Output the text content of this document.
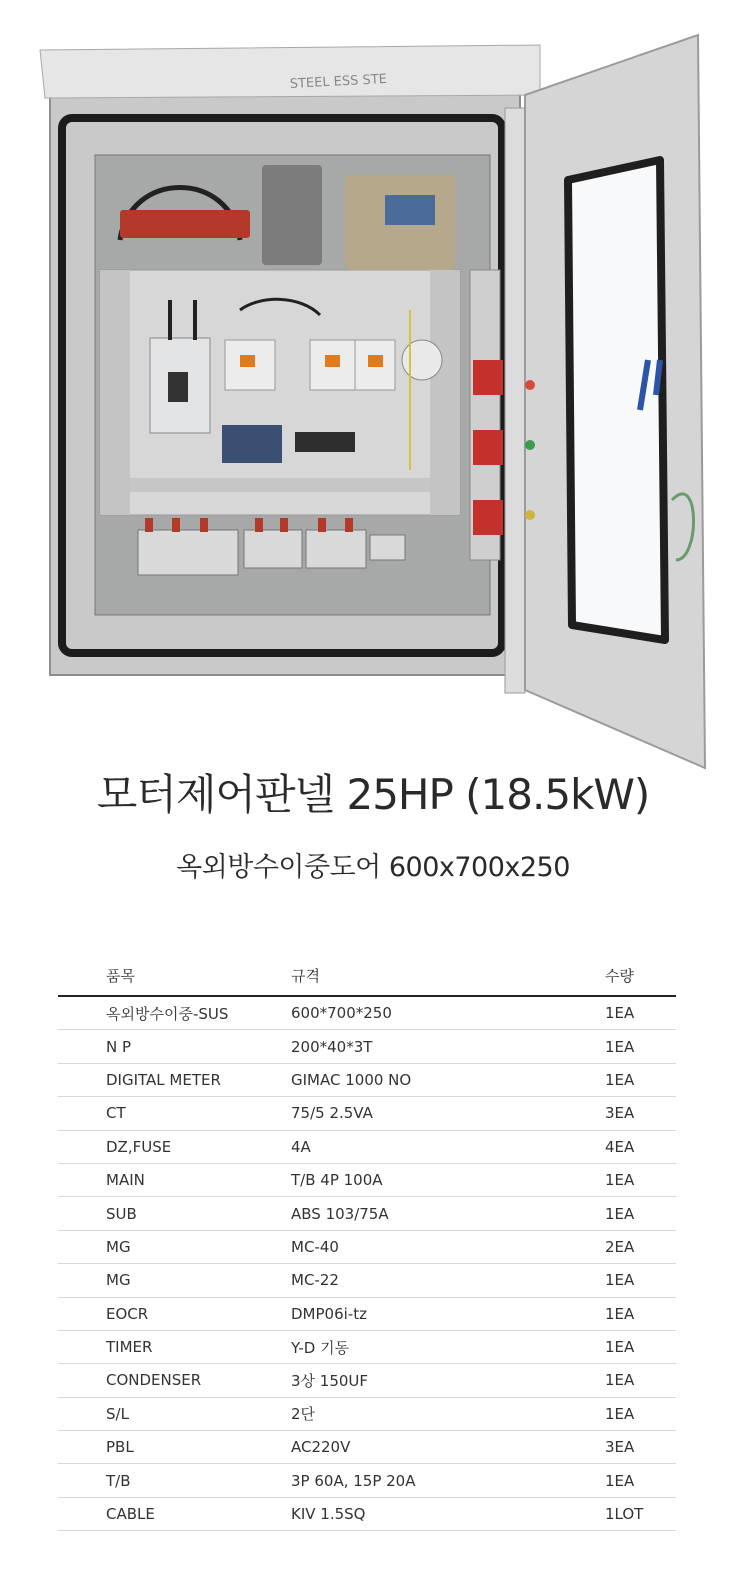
STEEL ESS STE
모터제어판넬 25HP (18.5kW)
옥외방수이중도어 600x700x250
품목	규격	수량
옥외방수이중-SUS	600*700*250	1EA
N P	200*40*3T	1EA
DIGITAL METER	GIMAC 1000 NO	1EA
CT	75/5 2.5VA	3EA
DZ,FUSE	4A	4EA
MAIN	T/B 4P 100A	1EA
SUB	ABS 103/75A	1EA
MG	MC-40	2EA
MG	MC-22	1EA
EOCR	DMP06i-tz	1EA
TIMER	Y-D 기동	1EA
CONDENSER	3상 150UF	1EA
S/L	2단	1EA
PBL	AC220V	3EA
T/B	3P 60A, 15P 20A	1EA
CABLE	KIV 1.5SQ	1LOT
